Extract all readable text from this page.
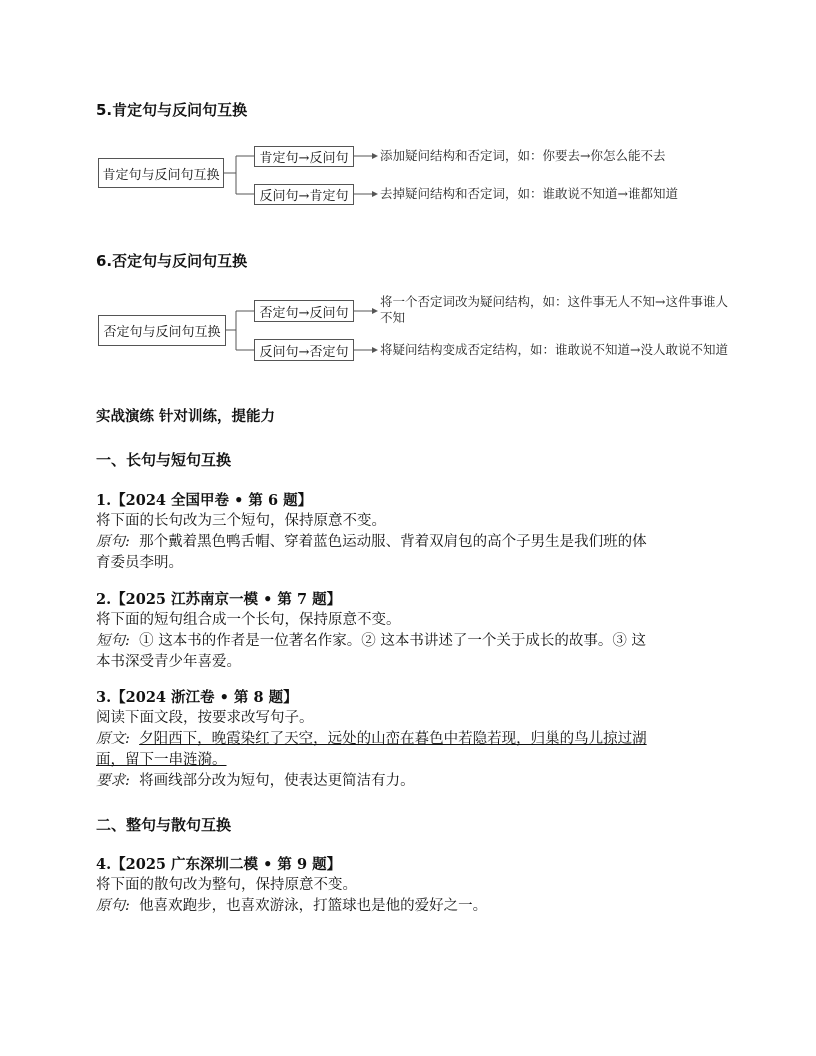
5.肯定句与反问句互换
肯定句与反问句互换
肯定句→反问句
反问句→肯定句
添加疑问结构和否定词，如：你要去→你怎么能不去
去掉疑问结构和否定词，如：谁敢说不知道→谁都知道
6.否定句与反问句互换
否定句与反问句互换
否定句→反问句
反问句→否定句
将一个否定词改为疑问结构，如：这件事无人不知→这件事谁人
不知
将疑问结构变成否定结构，如：谁敢说不知道→没人敢说不知道
实战演练 针对训练，提能力
一、长句与短句互换
1.【2024 全国甲卷 • 第 6 题】
将下面的长句改为三个短句，保持原意不变。
原句: 那个戴着黑色鸭舌帽、穿着蓝色运动服、背着双肩包的高个子男生是我们班的体
育委员李明。
2.【2025 江苏南京一模 • 第 7 题】
将下面的短句组合成一个长句，保持原意不变。
短句: ① 这本书的作者是一位著名作家。② 这本书讲述了一个关于成长的故事。③ 这
本书深受青少年喜爱。
3.【2024 浙江卷 • 第 8 题】
阅读下面文段，按要求改写句子。
原文: 夕阳西下，晚霞染红了天空，远处的山峦在暮色中若隐若现，归巢的鸟儿掠过湖
面，留下一串涟漪。
要求: 将画线部分改为短句，使表达更简洁有力。
二、整句与散句互换
4.【2025 广东深圳二模 • 第 9 题】
将下面的散句改为整句，保持原意不变。
原句: 他喜欢跑步，也喜欢游泳，打篮球也是他的爱好之一。
